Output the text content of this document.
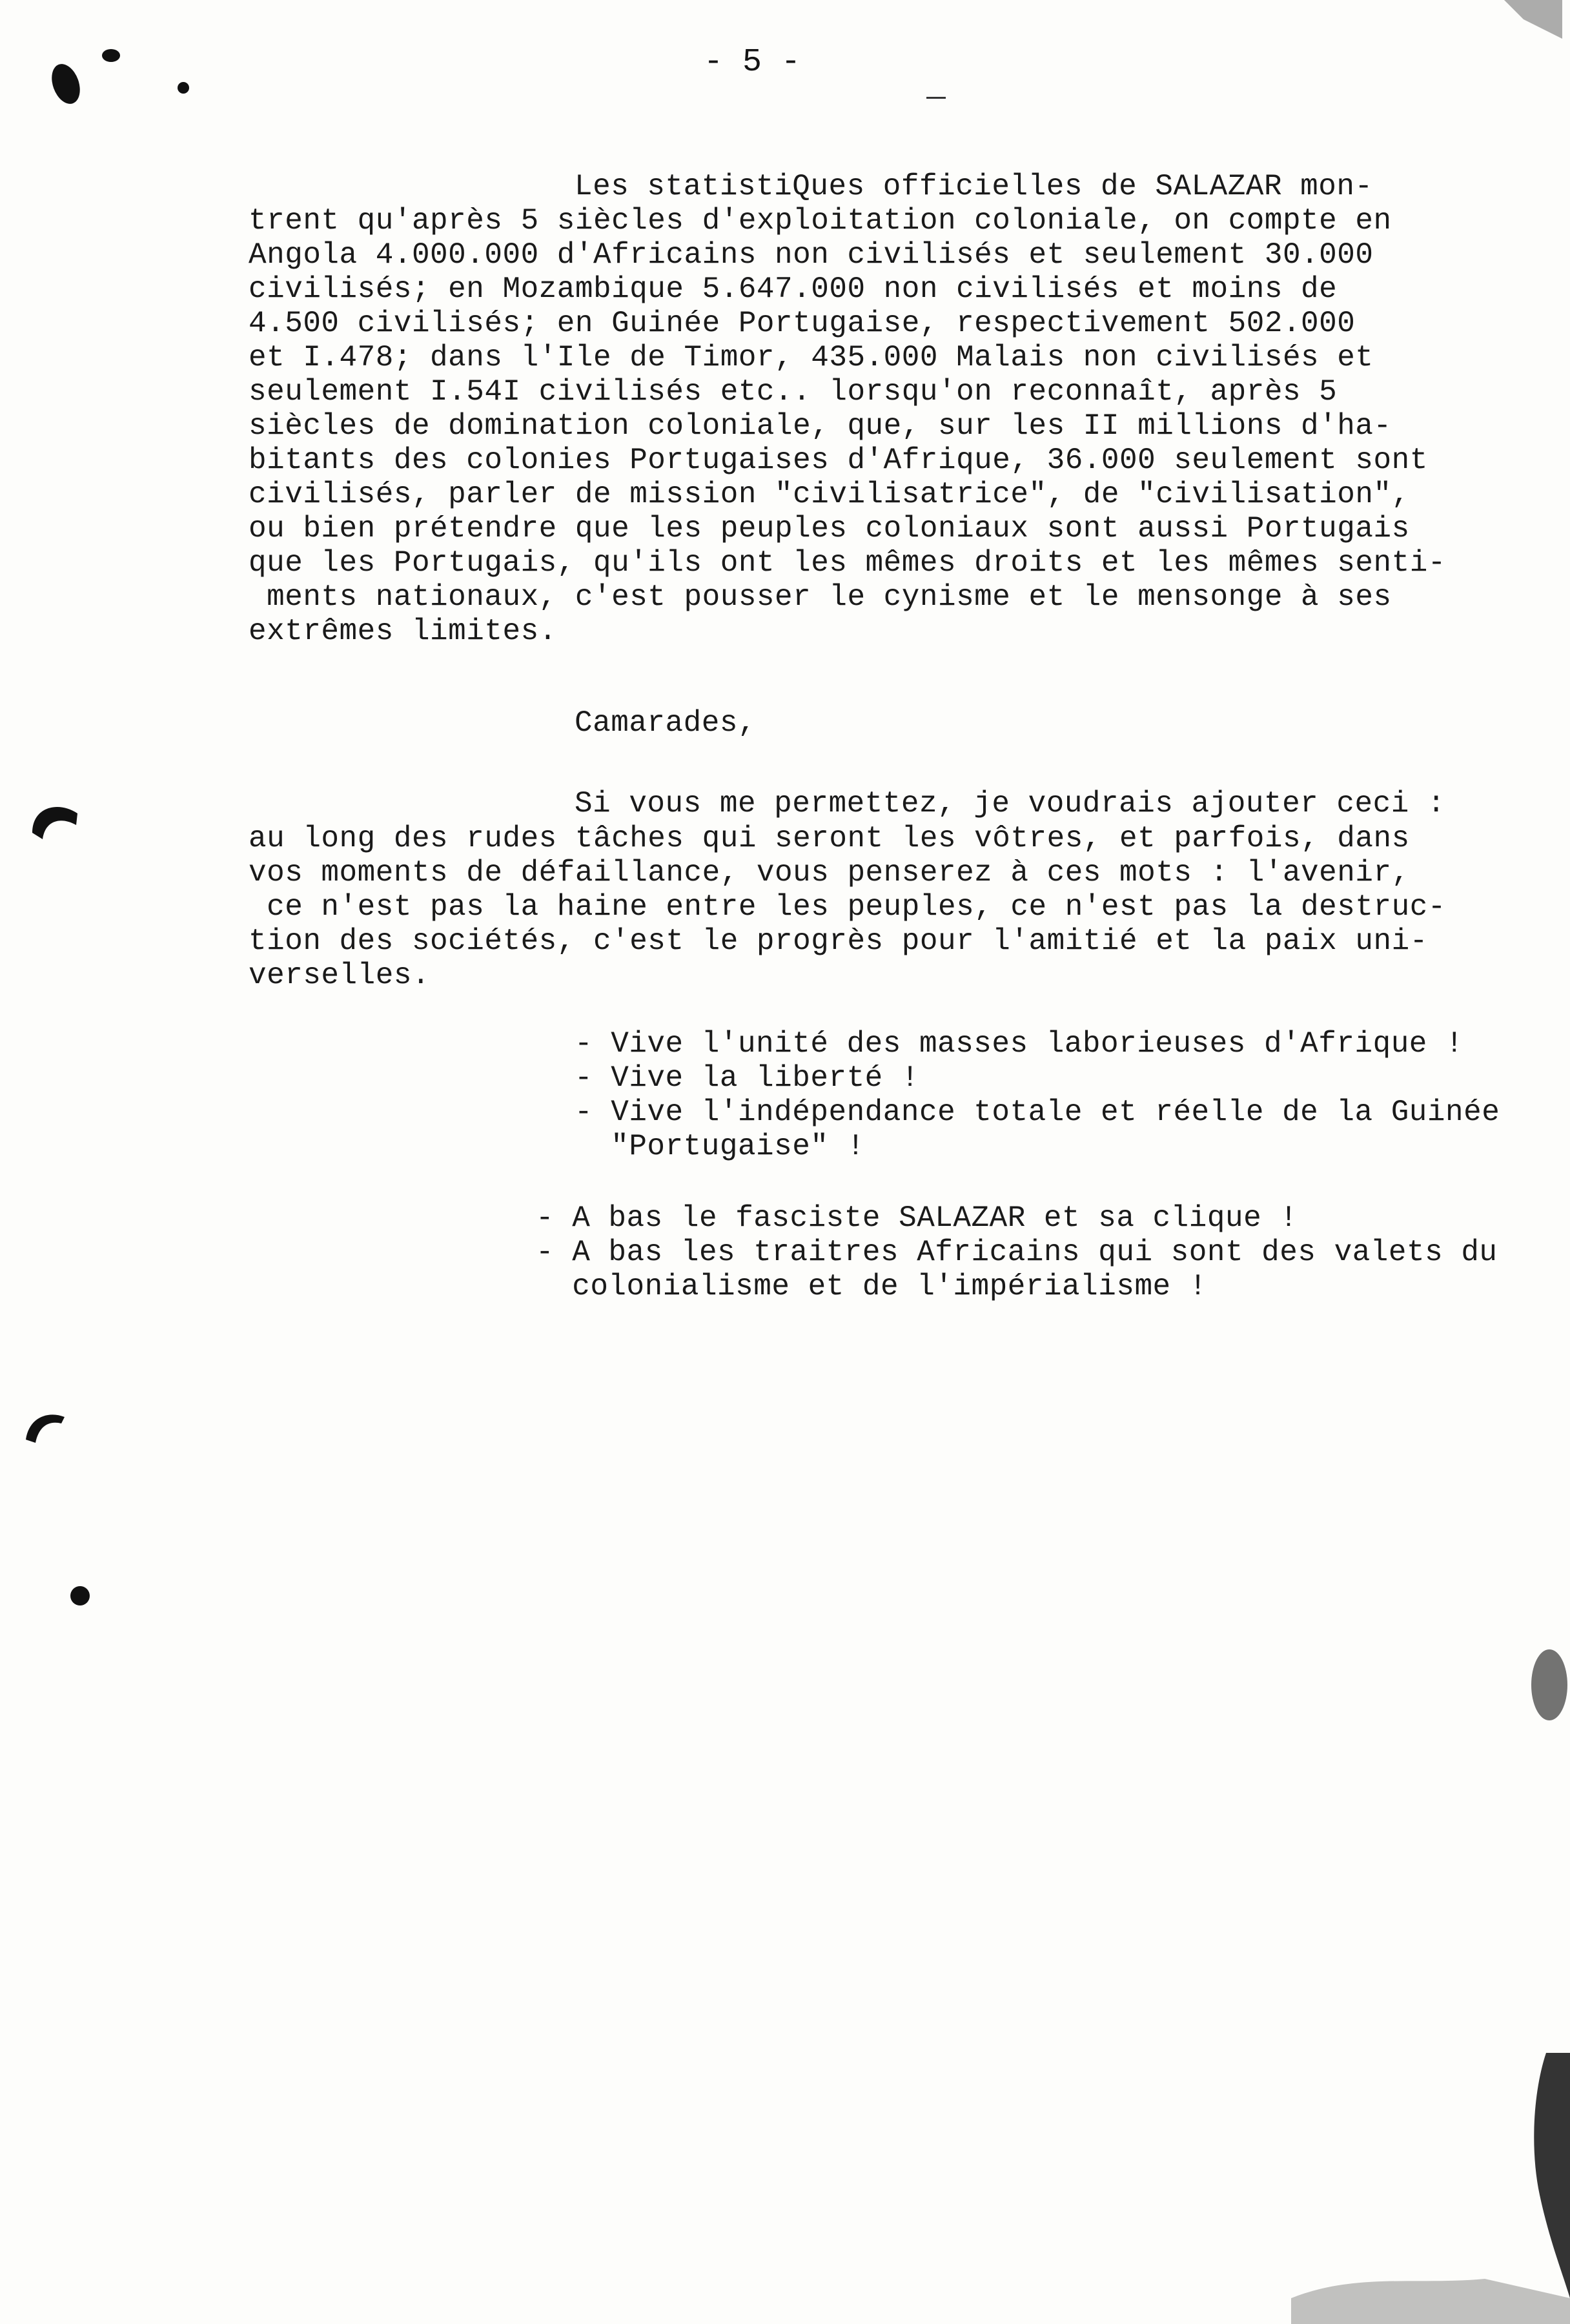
- 5 -
Les statistiQues officielles de SALAZAR mon-
trent qu'après 5 siècles d'exploitation coloniale, on compte en
Angola 4.000.000 d'Africains non civilisés et seulement 30.000
civilisés; en Mozambique 5.647.000 non civilisés et moins de
4.500 civilisés; en Guinée Portugaise, respectivement 502.000
et I.478; dans l'Ile de Timor, 435.000 Malais non civilisés et
seulement I.54I civilisés etc.. lorsqu'on reconnaît, après 5
siècles de domination coloniale, que, sur les II millions d'ha-
bitants des colonies Portugaises d'Afrique, 36.000 seulement sont
civilisés, parler de mission "civilisatrice", de "civilisation",
ou bien prétendre que les peuples coloniaux sont aussi Portugais
que les Portugais, qu'ils ont les mêmes droits et les mêmes senti-
ments nationaux, c'est pousser le cynisme et le mensonge à ses
extrêmes limites.
Camarades,
Si vous me permettez, je voudrais ajouter ceci :
au long des rudes tâches qui seront les vôtres, et parfois, dans
vos moments de défaillance, vous penserez à ces mots : l'avenir,
ce n'est pas la haine entre les peuples, ce n'est pas la destruc-
tion des sociétés, c'est le progrès pour l'amitié et la paix uni-
verselles.
- Vive l'unité des masses laborieuses d'Afrique !
- Vive la liberté !
- Vive l'indépendance totale et réelle de la Guinée
"Portugaise" !
- A bas le fasciste SALAZAR et sa clique !
- A bas les traitres Africains qui sont des valets du
colonialisme et de l'impérialisme !
